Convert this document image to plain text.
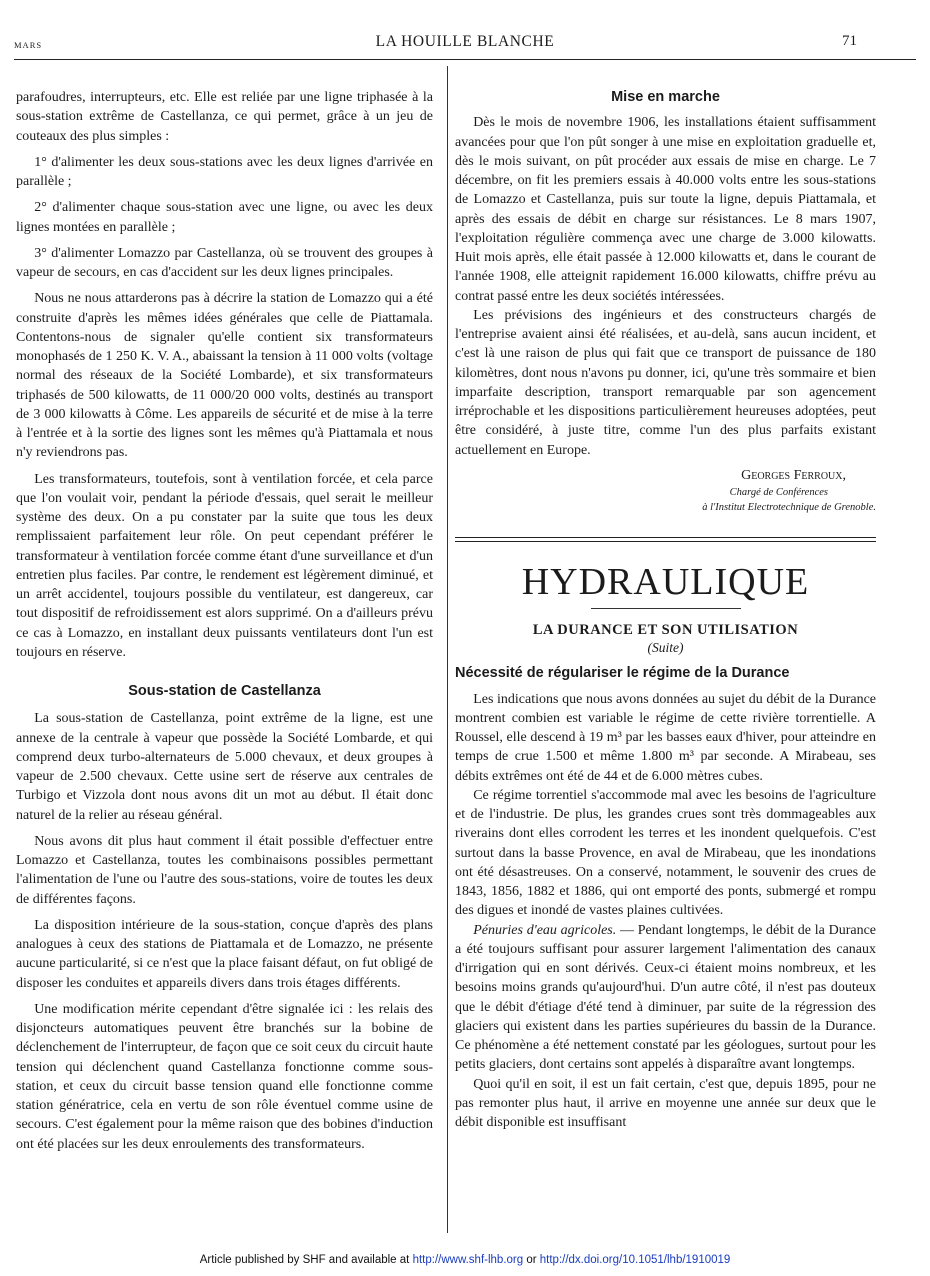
MARS	LA HOUILLE BLANCHE	71

parafoudres, interrupteurs, etc. Elle est reliée par une ligne triphasée à la sous-station extrême de Castellanza, ce qui permet, grâce à un jeu de couteaux des plus simples :

1° d'alimenter les deux sous-stations avec les deux lignes d'arrivée en parallèle ;

2° d'alimenter chaque sous-station avec une ligne, ou avec les deux lignes montées en parallèle ;

3° d'alimenter Lomazzo par Castellanza, où se trouvent des groupes à vapeur de secours, en cas d'accident sur les deux lignes principales.

Nous ne nous attarderons pas à décrire la station de Lomazzo qui a été construite d'après les mêmes idées générales que celle de Piattamala. Contentons-nous de signaler qu'elle contient six transformateurs monophasés de 1 250 K. V. A., abaissant la tension à 11 000 volts (voltage normal des réseaux de la Société Lombarde), et six transformateurs triphasés de 500 kilowatts, de 11 000/20 000 volts, destinés au transport de 3 000 kilowatts à Côme. Les appareils de sécurité et de mise à la terre à l'entrée et à la sortie des lignes sont les mêmes qu'à Piattamala et nous n'y reviendrons pas.

Les transformateurs, toutefois, sont à ventilation forcée, et cela parce que l'on voulait voir, pendant la période d'essais, quel serait le meilleur système des deux. On a pu constater par la suite que tous les deux remplissaient parfaitement leur rôle. On peut cependant préférer le transformateur à ventilation forcée comme étant d'une surveillance et d'un entretien plus faciles. Par contre, le rendement est légèrement diminué, et un arrêt accidentel, toujours possible du ventilateur, est dangereux, car tout dispositif de refroidissement est alors supprimé. On a d'ailleurs prévu ce cas à Lomazzo, en installant deux puissants ventilateurs dont l'un est toujours en réserve.

Sous-station de Castellanza

La sous-station de Castellanza, point extrême de la ligne, est une annexe de la centrale à vapeur que possède la Société Lombarde, et qui comprend deux turbo-alternateurs de 5.000 chevaux, et deux groupes à vapeur de 2.500 chevaux. Cette usine sert de réserve aux centrales de Turbigo et Vizzola dont nous avons dit un mot au début. Il était donc naturel de la relier au réseau général.

Nous avons dit plus haut comment il était possible d'effectuer entre Lomazzo et Castellanza, toutes les combinaisons possibles permettant l'alimentation de l'une ou l'autre des sous-stations, voire de toutes les deux de différentes façons.

La disposition intérieure de la sous-station, conçue d'après des plans analogues à ceux des stations de Piattamala et de Lomazzo, ne présente aucune particularité, si ce n'est que la place faisant défaut, on fut obligé de disposer les conduites et appareils divers dans trois étages différents.

Une modification mérite cependant d'être signalée ici : les relais des disjoncteurs automatiques peuvent être branchés sur la bobine de déclenchement de l'interrupteur, de façon que ce soit ceux du circuit haute tension qui déclenchent quand Castellanza fonctionne comme sous-station, et ceux du circuit basse tension quand elle fonctionne comme station génératrice, cela en vertu de son rôle éventuel comme usine de secours. C'est également pour la même raison que des bobines d'induction ont été placées sur les deux enroulements des transformateurs.

Mise en marche

Dès le mois de novembre 1906, les installations étaient suffisamment avancées pour que l'on pût songer à une mise en exploitation graduelle et, dès le mois suivant, on pût procéder aux essais de mise en charge. Le 7 décembre, on fit les premiers essais à 40.000 volts entre les sous-stations de Lomazzo et Castellanza, puis sur toute la ligne, depuis Piattamala, et après des essais de débit en charge sur résistances. Le 8 mars 1907, l'exploitation régulière commença avec une charge de 3.000 kilowatts. Huit mois après, elle était passée à 12.000 kilowatts et, dans le courant de l'année 1908, elle atteignit rapidement 16.000 kilowatts, chiffre prévu au contrat passé entre les deux sociétés intéressées.

Les prévisions des ingénieurs et des constructeurs chargés de l'entreprise avaient ainsi été réalisées, et au-delà, sans aucun incident, et c'est là une raison de plus qui fait que ce transport de puissance de 180 kilomètres, dont nous n'avons pu donner, ici, qu'une très sommaire et bien imparfaite description, transport remarquable par son agencement irréprochable et les dispositions particulièrement heureuses adoptées, peut être considéré, à juste titre, comme l'un des plus parfaits existant actuellement en Europe.

Georges Ferroux,
Chargé de Conférences
à l'Institut Electrotechnique de Grenoble.
HYDRAULIQUE
LA DURANCE ET SON UTILISATION
(Suite)
Nécessité de régulariser le régime de la Durance

Les indications que nous avons données au sujet du débit de la Durance montrent combien est variable le régime de cette rivière torrentielle. A Roussel, elle descend à 19 m³ par les basses eaux d'hiver, pour atteindre en temps de crue 1.500 et même 1.800 m³ par seconde. A Mirabeau, ses débits extrêmes ont été de 44 et de 6.000 mètres cubes.

Ce régime torrentiel s'accommode mal avec les besoins de l'agriculture et de l'industrie. De plus, les grandes crues sont très dommageables aux riverains dont elles corrodent les terres et les inondent quelquefois. C'est surtout dans la basse Provence, en aval de Mirabeau, que les inondations ont été désastreuses. On a conservé, notamment, le souvenir des crues de 1843, 1856, 1882 et 1886, qui ont emporté des ponts, submergé et rompu des digues et inondé de vastes plaines cultivées.

Pénuries d'eau agricoles. — Pendant longtemps, le débit de la Durance a été toujours suffisant pour assurer largement l'alimentation des canaux d'irrigation qui en sont dérivés. Ceux-ci étaient moins nombreux, et les besoins moins grands qu'aujourd'hui. D'un autre côté, il n'est pas douteux que le débit d'étiage d'été tend à diminuer, par suite de la régression des glaciers qui existent dans les parties supérieures du bassin de la Durance. Ce phénomène a été nettement constaté par les géologues, surtout pour les petits glaciers, dont certains sont appelés à disparaître avant longtemps.

Quoi qu'il en soit, il est un fait certain, c'est que, depuis 1895, pour ne pas remonter plus haut, il arrive en moyenne une année sur deux que le débit disponible est insuffisant

Article published by SHF and available at http://www.shf-lhb.org or http://dx.doi.org/10.1051/lhb/1910019
